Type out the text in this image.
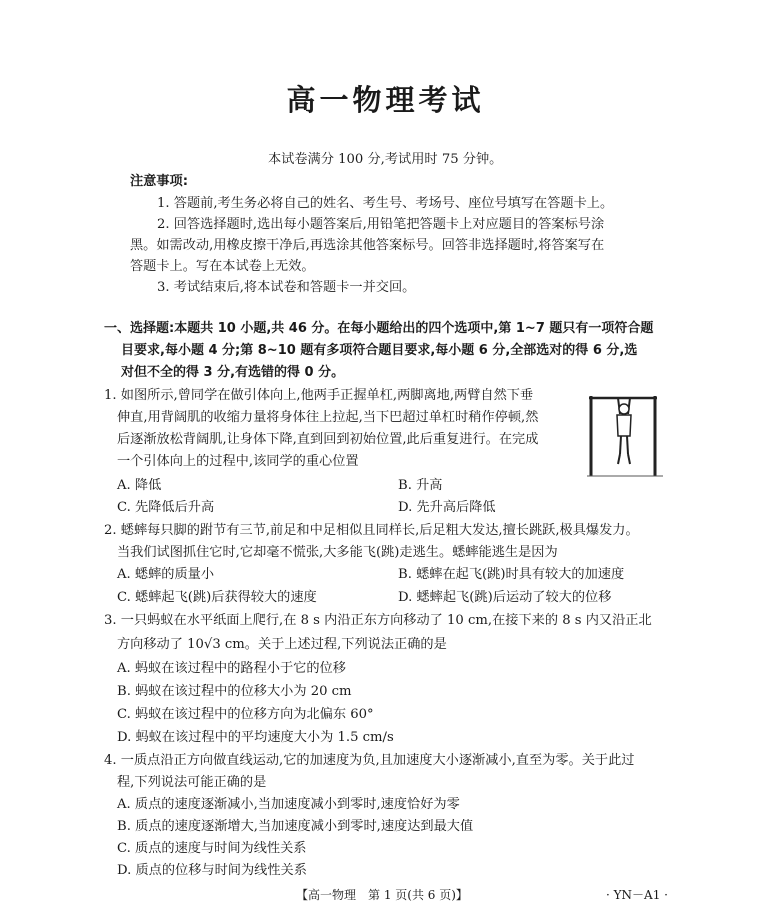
高一物理考试
本试卷满分 100 分,考试用时 75 分钟。
注意事项:
1. 答题前,考生务必将自己的姓名、考生号、考场号、座位号填写在答题卡上。
2. 回答选择题时,选出每小题答案后,用铅笔把答题卡上对应题目的答案标号涂
黑。如需改动,用橡皮擦干净后,再选涂其他答案标号。回答非选择题时,将答案写在
答题卡上。写在本试卷上无效。
3. 考试结束后,将本试卷和答题卡一并交回。
一、选择题:本题共 10 小题,共 46 分。在每小题给出的四个选项中,第 1~7 题只有一项符合题
目要求,每小题 4 分;第 8~10 题有多项符合题目要求,每小题 6 分,全部选对的得 6 分,选
对但不全的得 3 分,有选错的得 0 分。
1. 如图所示,曾同学在做引体向上,他两手正握单杠,两脚离地,两臂自然下垂
伸直,用背阔肌的收缩力量将身体往上拉起,当下巴超过单杠时稍作停顿,然
后逐渐放松背阔肌,让身体下降,直到回到初始位置,此后重复进行。在完成
一个引体向上的过程中,该同学的重心位置
A. 降低	B. 升高
C. 先降低后升高	D. 先升高后降低
2. 蟋蟀每只脚的跗节有三节,前足和中足相似且同样长,后足粗大发达,擅长跳跃,极具爆发力。
当我们试图抓住它时,它却毫不慌张,大多能飞(跳)走逃生。蟋蟀能逃生是因为
A. 蟋蟀的质量小	B. 蟋蟀在起飞(跳)时具有较大的加速度
C. 蟋蟀起飞(跳)后获得较大的速度	D. 蟋蟀起飞(跳)后运动了较大的位移
3. 一只蚂蚁在水平纸面上爬行,在 8 s 内沿正东方向移动了 10 cm,在接下来的 8 s 内又沿正北
方向移动了 10√3 cm。关于上述过程,下列说法正确的是
A. 蚂蚁在该过程中的路程小于它的位移
B. 蚂蚁在该过程中的位移大小为 20 cm
C. 蚂蚁在该过程中的位移方向为北偏东 60°
D. 蚂蚁在该过程中的平均速度大小为 1.5 cm/s
4. 一质点沿正方向做直线运动,它的加速度为负,且加速度大小逐渐减小,直至为零。关于此过
程,下列说法可能正确的是
A. 质点的速度逐渐减小,当加速度减小到零时,速度恰好为零
B. 质点的速度逐渐增大,当加速度减小到零时,速度达到最大值
C. 质点的速度与时间为线性关系
D. 质点的位移与时间为线性关系
【高一物理　第 1 页(共 6 页)】	· YN－A1 ·
